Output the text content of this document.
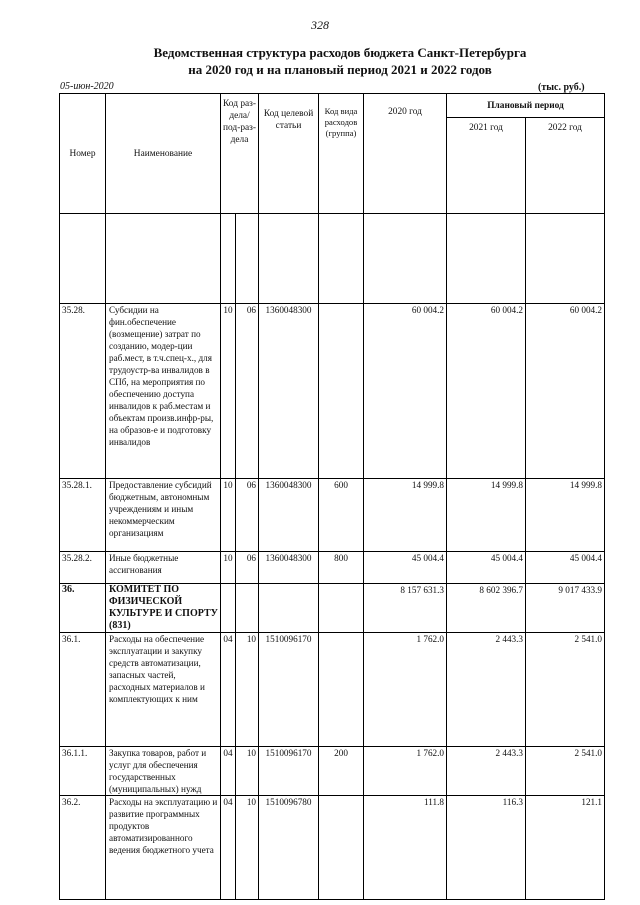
328
Ведомственная структура расходов бюджета Санкт-Петербурга
на 2020 год и на плановый период 2021 и 2022 годов
05-июн-2020	(тыс. руб.)
Номер	Наименование	Код раз-дела/ под-раз-дела		Код целевой статьи	Код вида расходов (группа)	2020 год	Плановый период	
							2021 год	2022 год

35.28.	Субсидии на фин.обеспечение (возмещение) затрат по созданию, модер-ции раб.мест, в т.ч.спец-х., для трудоустр-ва инвалидов в СПб, на мероприятия по обеспечению доступа инвалидов к раб.местам и объектам произв.инфр-ры, на образов-е и подготовку инвалидов	10	06	1360048300		60 004.2	60 004.2	60 004.2
35.28.1.	Предоставление субсидий бюджетным, автономным учреждениям и иным некоммерческим организациям	10	06	1360048300	600	14 999.8	14 999.8	14 999.8
35.28.2.	Иные бюджетные ассигнования	10	06	1360048300	800	45 004.4	45 004.4	45 004.4
36.	КОМИТЕТ ПО ФИЗИЧЕСКОЙ КУЛЬТУРЕ И СПОРТУ (831)					8 157 631.3	8 602 396.7	9 017 433.9
36.1.	Расходы на обеспечение эксплуатации и закупку средств автоматизации, запасных частей, расходных материалов и комплектующих к ним	04	10	1510096170		1 762.0	2 443.3	2 541.0
36.1.1.	Закупка товаров, работ и услуг для обеспечения государственных (муниципальных) нужд	04	10	1510096170	200	1 762.0	2 443.3	2 541.0
36.2.	Расходы на эксплуатацию и развитие программных продуктов автоматизированного ведения бюджетного учета	04	10	1510096780		111.8	116.3	121.1
